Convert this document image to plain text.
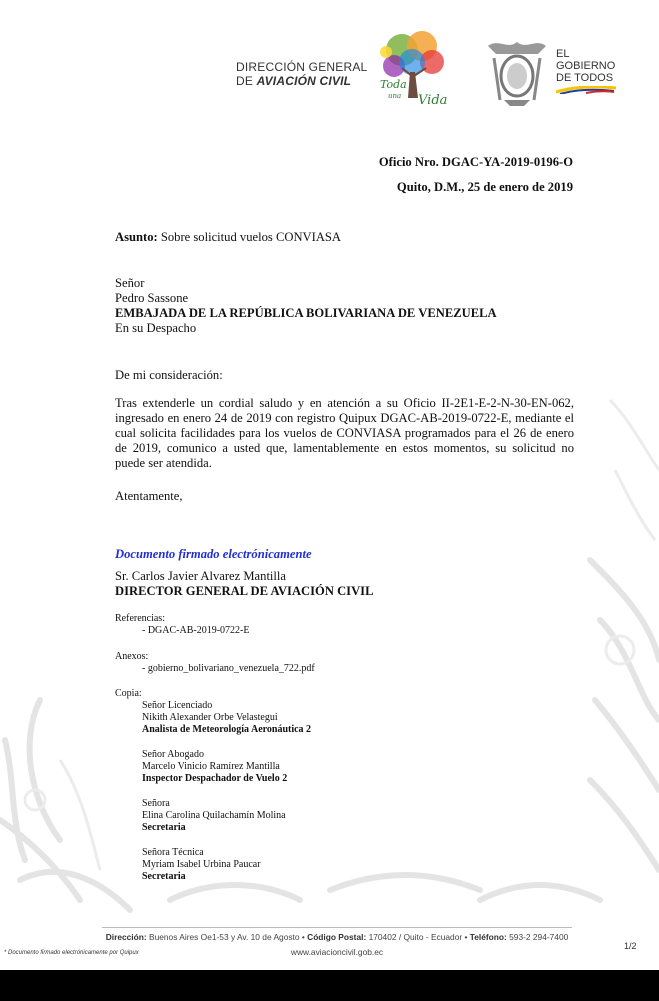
DIRECCIÓN GENERAL
DE AVIACIÓN CIVIL	Toda
una Vida
EL
GOBIERNO
DE TODOS
Oficio Nro. DGAC-YA-2019-0196-O
Quito, D.M., 25 de enero de 2019
Asunto: Sobre solicitud vuelos CONVIASA
Señor
Pedro Sassone
EMBAJADA DE LA REPÚBLICA BOLIVARIANA DE VENEZUELA
En su Despacho
De mi consideración:
Tras extenderle un cordial saludo y en atención a su Oficio II-2E1-E-2-N-30-EN-062, ingresado en enero 24 de 2019 con registro Quipux DGAC-AB-2019-0722-E, mediante el cual solicita facilidades para los vuelos de CONVIASA programados para el 26 de enero de 2019, comunico a usted que, lamentablemente en estos momentos, su solicitud no puede ser atendida.
Atentamente,
Documento firmado electrónicamente
Sr. Carlos Javier Alvarez Mantilla
DIRECTOR GENERAL DE AVIACIÓN CIVIL
Referencias:
- DGAC-AB-2019-0722-E
Anexos:
- gobierno_bolivariano_venezuela_722.pdf
Copia:
Señor Licenciado
Nikith Alexander Orbe Velastegui
Analista de Meteorología Aeronáutica 2
Señor Abogado
Marcelo Vinicio Ramírez Mantilla
Inspector Despachador de Vuelo 2
Señora
Elina Carolina Quilachamín Molina
Secretaria
Señora Técnica
Myriam Isabel Urbina Paucar
Secretaria
Dirección: Buenos Aires Oe1-53 y Av. 10 de Agosto • Código Postal: 170402 / Quito - Ecuador • Teléfono: 593-2 294-7400
www.aviacioncivil.gob.ec
* Documento firmado electrónicamente por Quipux
1/2
